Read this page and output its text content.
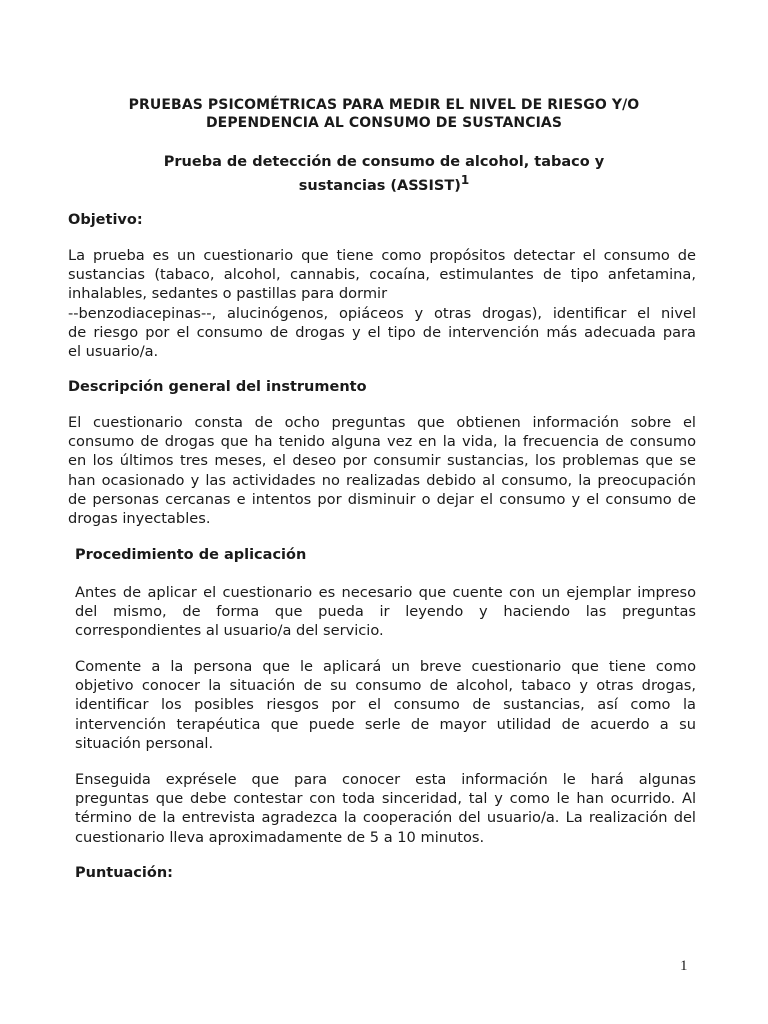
PRUEBAS PSICOMÉTRICAS PARA MEDIR EL NIVEL DE RIESGO Y/O
DEPENDENCIA AL CONSUMO DE SUSTANCIAS
Prueba de detección de consumo de alcohol, tabaco y
sustancias (ASSIST)$^1$
Objetivo:
La prueba es un cuestionario que tiene como propósitos detectar el consumo de
sustancias (tabaco, alcohol, cannabis, cocaína, estimulantes de tipo anfetamina,
inhalables, sedantes o pastillas para dormir
--benzodiacepinas--, alucinógenos, opiáceos y otras drogas), identificar el nivel
de riesgo por el consumo de drogas y el tipo de intervención más adecuada para
el usuario/a.
Descripción general del instrumento
El cuestionario consta de ocho preguntas que obtienen información sobre el
consumo de drogas que ha tenido alguna vez en la vida, la frecuencia de consumo
en los últimos tres meses, el deseo por consumir sustancias, los problemas que se
han ocasionado y las actividades no realizadas debido al consumo, la preocupación
de personas cercanas e intentos por disminuir o dejar el consumo y el consumo de
drogas inyectables.
Procedimiento de aplicación
Antes de aplicar el cuestionario es necesario que cuente con un ejemplar impreso
del mismo, de forma que pueda ir leyendo y haciendo las preguntas
correspondientes al usuario/a del servicio.
Comente a la persona que le aplicará un breve cuestionario que tiene como
objetivo conocer la situación de su consumo de alcohol, tabaco y otras drogas,
identificar los posibles riesgos por el consumo de sustancias, así como la
intervención terapéutica que puede serle de mayor utilidad de acuerdo a su
situación personal.
Enseguida exprésele que para conocer esta información le hará algunas
preguntas que debe contestar con toda sinceridad, tal y como le han ocurrido. Al
término de la entrevista agradezca la cooperación del usuario/a. La realización del
cuestionario lleva aproximadamente de 5 a 10 minutos.
Puntuación:
1
